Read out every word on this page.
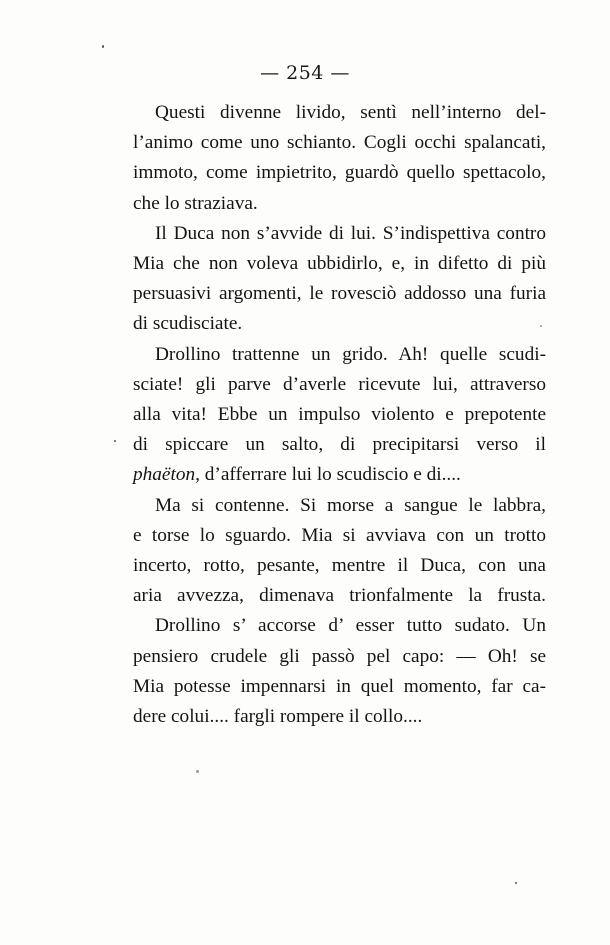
— 254 —
Questi divenne livido, sentì nell’interno del-
l’animo come uno schianto. Cogli occhi spalancati,
immoto, come impietrito, guardò quello spettacolo,
che lo straziava.
Il Duca non s’avvide di lui. S’indispettiva contro
Mia che non voleva ubbidirlo, e, in difetto di più
persuasivi argomenti, le rovesciò addosso una furia
di scudisciate.
Drollino trattenne un grido. Ah! quelle scudi-
sciate! gli parve d’averle ricevute lui, attraverso
alla vita! Ebbe un impulso violento e prepotente
di spiccare un salto, di precipitarsi verso il
phaëton, d’afferrare lui lo scudiscio e di....
Ma si contenne. Si morse a sangue le labbra,
e torse lo sguardo. Mia si avviava con un trotto
incerto, rotto, pesante, mentre il Duca, con una
aria avvezza, dimenava trionfalmente la frusta.
Drollino s’ accorse d’ esser tutto sudato. Un
pensiero crudele gli passò pel capo: — Oh! se
Mia potesse impennarsi in quel momento, far ca-
dere colui.... fargli rompere il collo....
